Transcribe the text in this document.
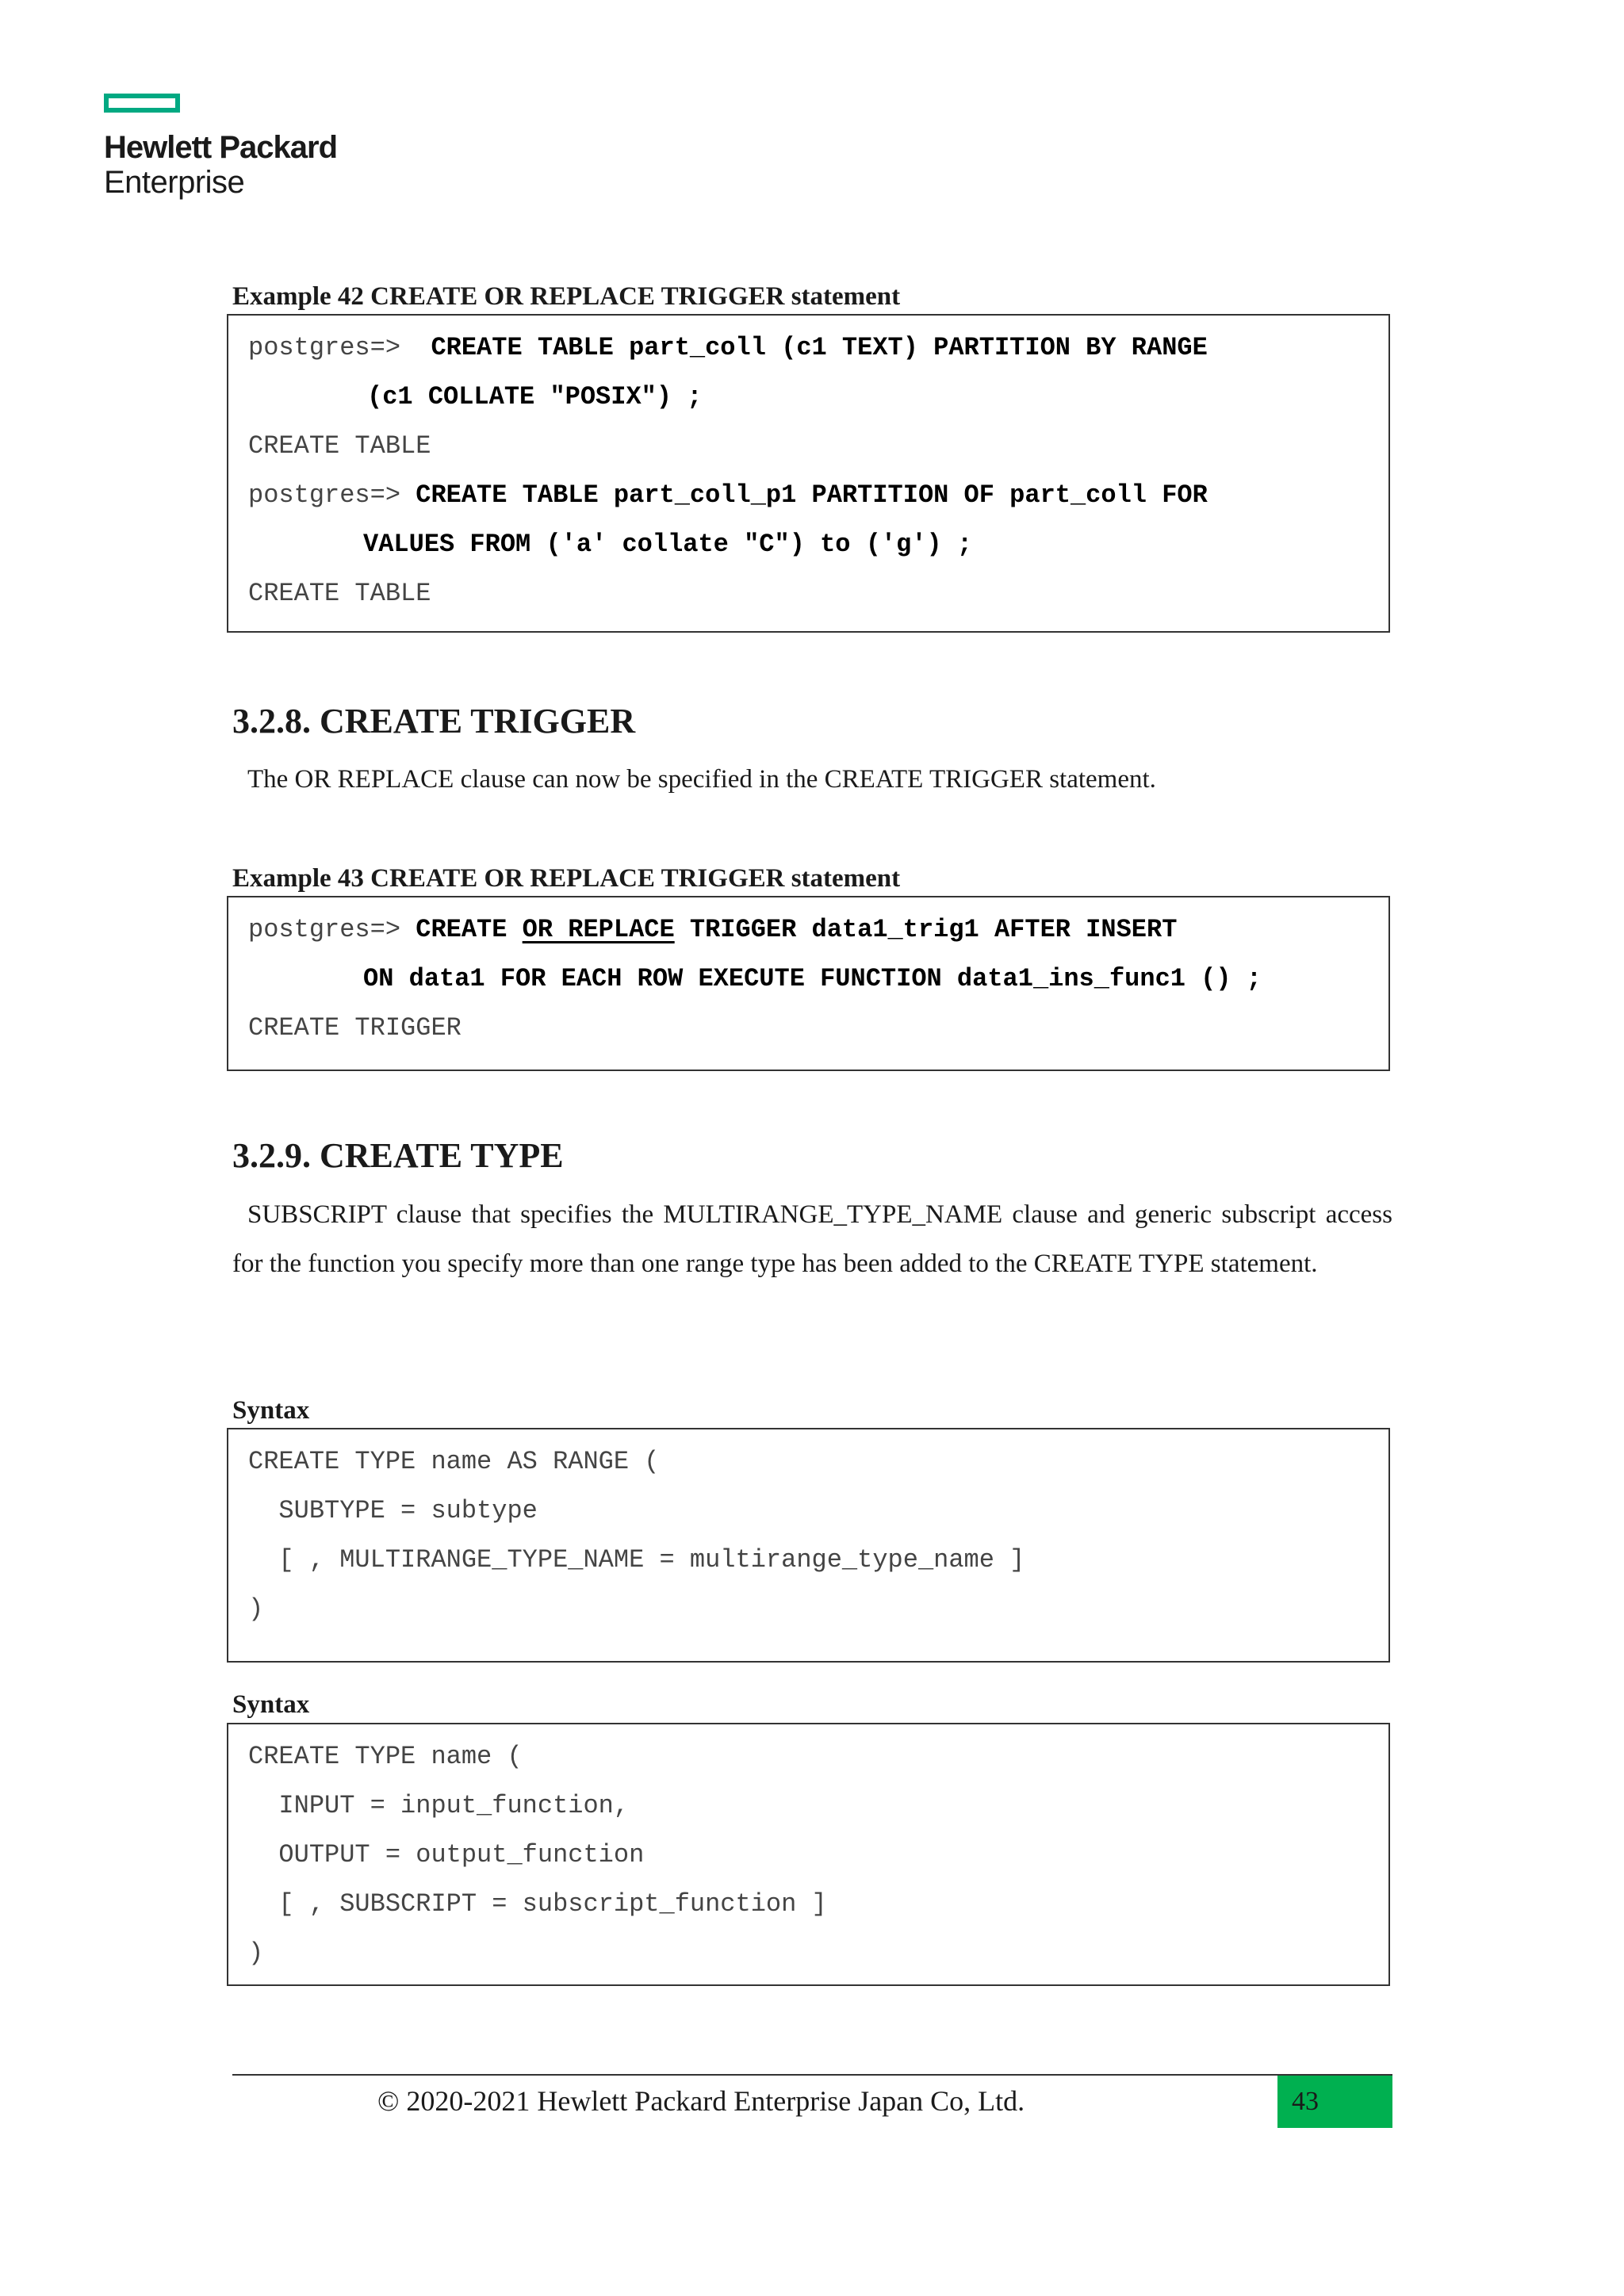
Hewlett Packard
Enterprise
Example 42 CREATE OR REPLACE TRIGGER statement
postgres=>  CREATE TABLE part_coll (c1 TEXT) PARTITION BY RANGE
(c1 COLLATE "POSIX") ;
CREATE TABLE
postgres=> CREATE TABLE part_coll_p1 PARTITION OF part_coll FOR
VALUES FROM ('a' collate "C") to ('g') ;
CREATE TABLE
3.2.8. CREATE TRIGGER
The OR REPLACE clause can now be specified in the CREATE TRIGGER statement.
Example 43 CREATE OR REPLACE TRIGGER statement
postgres=> CREATE OR REPLACE TRIGGER data1_trig1 AFTER INSERT
ON data1 FOR EACH ROW EXECUTE FUNCTION data1_ins_func1 () ;
CREATE TRIGGER
3.2.9. CREATE TYPE
SUBSCRIPT clause that specifies the MULTIRANGE_TYPE_NAME clause and generic subscript access for the function you specify more than one range type has been added to the CREATE TYPE statement.
Syntax
CREATE TYPE name AS RANGE (
SUBTYPE = subtype
[ , MULTIRANGE_TYPE_NAME = multirange_type_name ]
)
Syntax
CREATE TYPE name (
INPUT = input_function,
OUTPUT = output_function
[ , SUBSCRIPT = subscript_function ]
)
© 2020-2021 Hewlett Packard Enterprise Japan Co, Ltd.	43
